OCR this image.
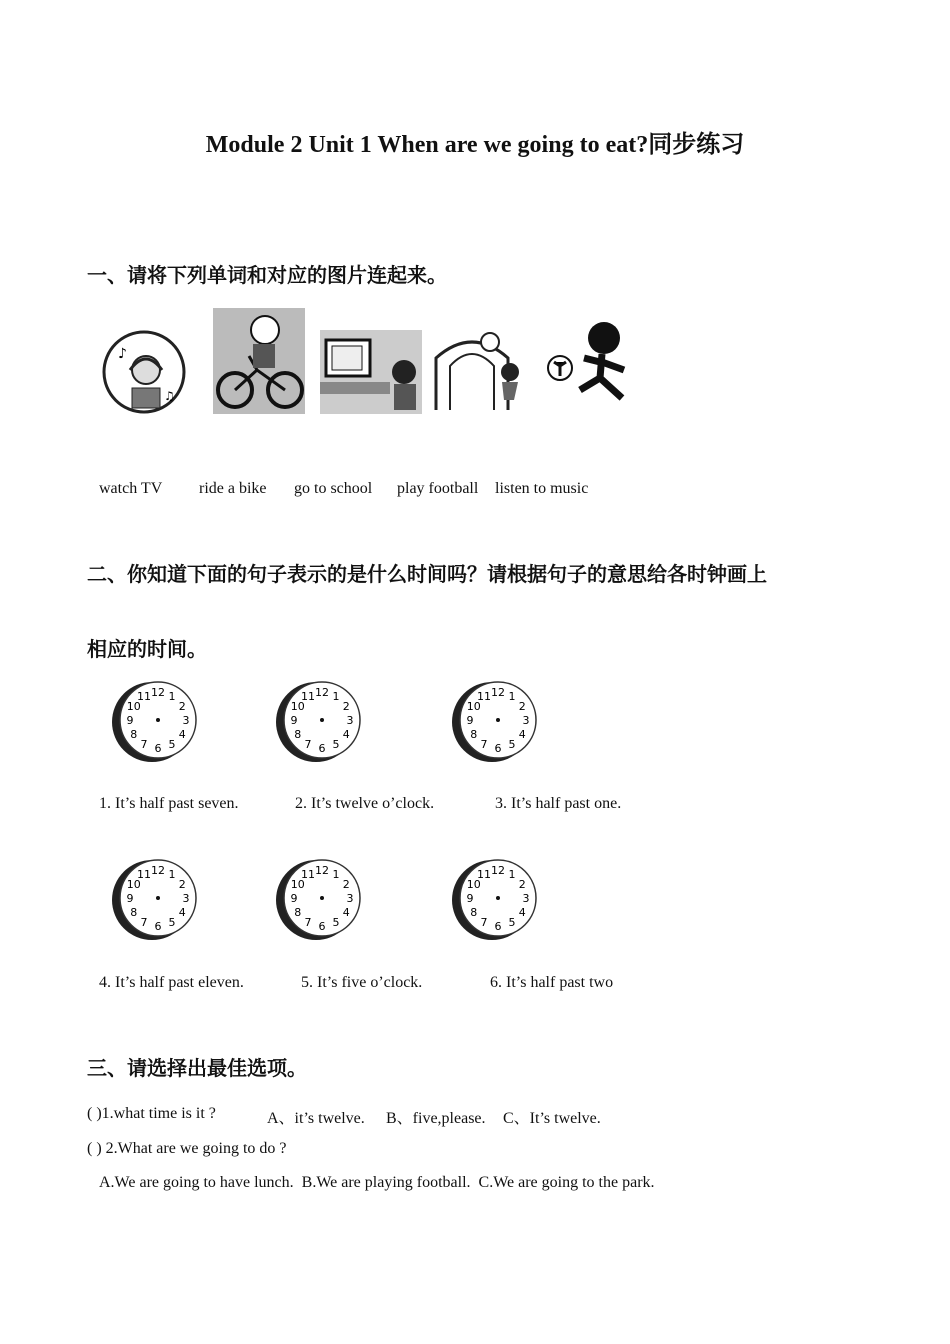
Module 2 Unit 1 When are we going to eat?同步练习
一、请将下列单词和对应的图片连起来。
♪
♫
watch TV ride a bike go to school play football listen to music
二、你知道下面的句子表示的是什么时间吗？请根据句子的意思给各时钟画上
相应的时间。
12 1
2
3
4
5
6
7
8
9
10
11	12 1
2
3
4
5
6
7
8
9
10
11	12 1
2
3
4
5
6
7
8
9
10
11
1. It’s half past seven.	2. It’s twelve o’clock.	3. It’s half past one.
12 1
2
3
4
5
6
7
8
9
10
11	12 1
2
3
4
5
6
7
8
9
10
11	12 1
2
3
4
5
6
7
8
9
10
11
4. It’s half past eleven.	5. It’s five o’clock.	6. It’s half past two
三、请选择出最佳选项。
( )1.what time is it ?	A、it’s twelve. B、five,please. C、It’s twelve.
( ) 2.What are we going to do ?
A.We are going to have lunch.  B.We are playing football.  C.We are going to the park.
